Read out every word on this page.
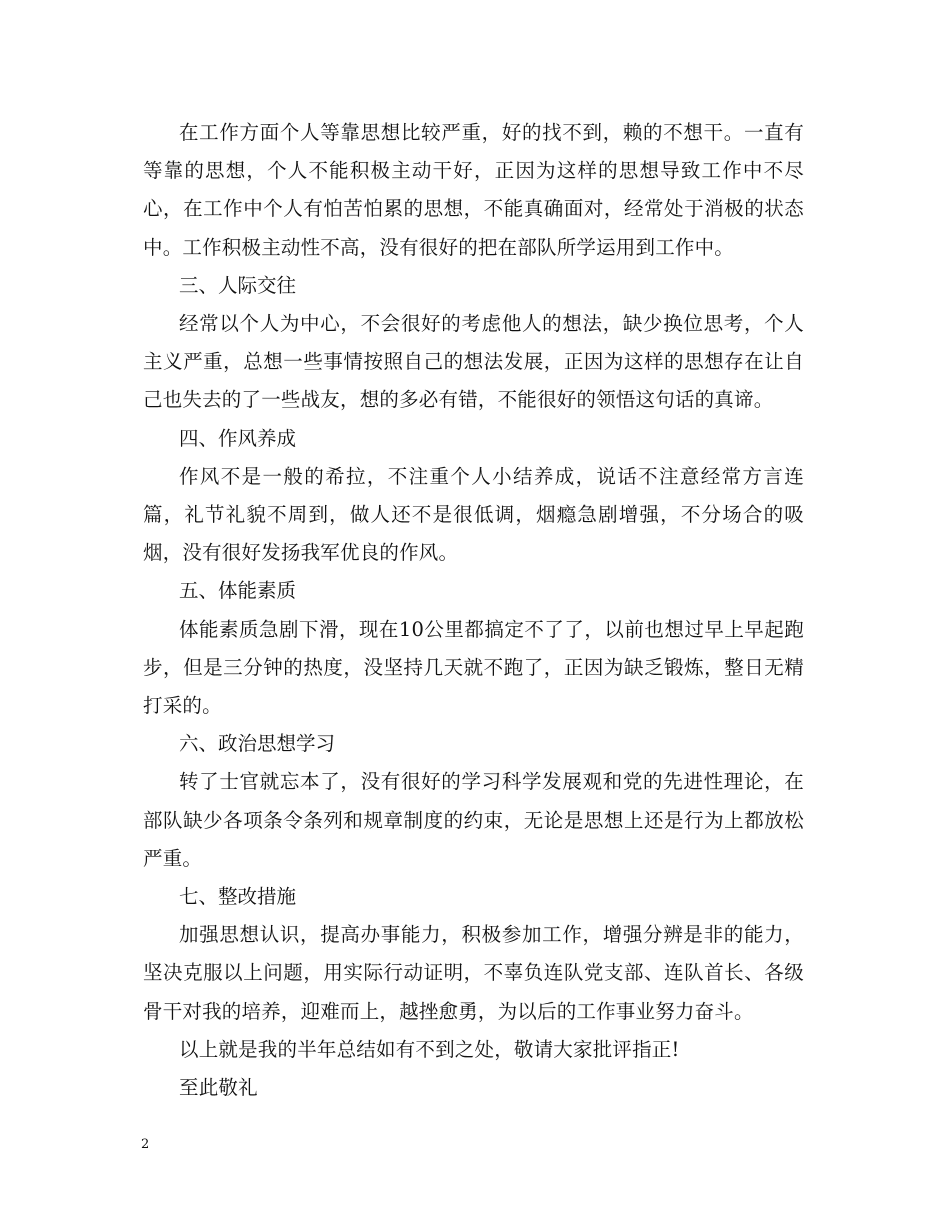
在工作方面个人等靠思想比较严重，好的找不到，赖的不想干。一直有等靠的思想，个人不能积极主动干好，正因为这样的思想导致工作中不尽心，在工作中个人有怕苦怕累的思想，不能真确面对，经常处于消极的状态中。工作积极主动性不高，没有很好的把在部队所学运用到工作中。

三、人际交往

经常以个人为中心，不会很好的考虑他人的想法，缺少换位思考，个人主义严重，总想一些事情按照自己的想法发展，正因为这样的思想存在让自己也失去的了一些战友，想的多必有错，不能很好的领悟这句话的真谛。

四、作风养成

作风不是一般的希拉，不注重个人小结养成，说话不注意经常方言连篇，礼节礼貌不周到，做人还不是很低调，烟瘾急剧增强，不分场合的吸烟，没有很好发扬我军优良的作风。

五、体能素质

体能素质急剧下滑，现在10公里都搞定不了了，以前也想过早上早起跑步，但是三分钟的热度，没坚持几天就不跑了，正因为缺乏锻炼，整日无精打采的。

六、政治思想学习

转了士官就忘本了，没有很好的学习科学发展观和党的先进性理论，在部队缺少各项条令条列和规章制度的约束，无论是思想上还是行为上都放松严重。

七、整改措施

加强思想认识，提高办事能力，积极参加工作，增强分辨是非的能力，坚决克服以上问题，用实际行动证明，不辜负连队党支部、连队首长、各级骨干对我的培养，迎难而上，越挫愈勇，为以后的工作事业努力奋斗。

以上就是我的半年总结如有不到之处，敬请大家批评指正!

至此敬礼

2
